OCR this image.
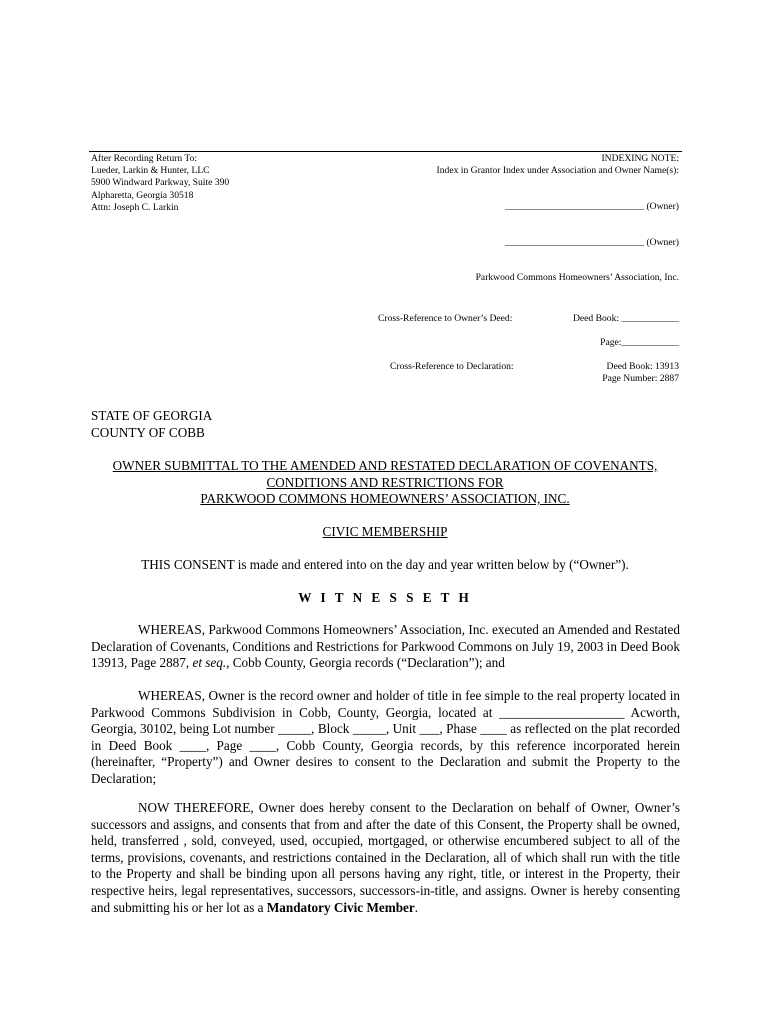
After Recording Return To:
Lueder, Larkin & Hunter, LLC
5900 Windward Parkway, Suite 390
Alpharetta, Georgia 30518
Attn: Joseph C. Larkin
INDEXING NOTE:
Index in Grantor Index under Association and Owner Name(s):
_____________________________ (Owner)
_____________________________ (Owner)
Parkwood Commons Homeowners’ Association, Inc.
Cross-Reference to Owner’s Deed:	Deed Book: ____________
Page:____________
Cross-Reference to Declaration:	Deed Book: 13913
Page Number: 2887
STATE OF GEORGIA
COUNTY OF COBB
OWNER SUBMITTAL TO THE AMENDED AND RESTATED DECLARATION OF COVENANTS,
CONDITIONS AND RESTRICTIONS FOR
PARKWOOD COMMONS HOMEOWNERS’ ASSOCIATION, INC.
CIVIC MEMBERSHIP
THIS CONSENT is made and entered into on the day and year written below by (“Owner”).
W I T N E S S E T H
WHEREAS, Parkwood Commons Homeowners’ Association, Inc. executed an Amended and Restated Declaration of Covenants, Conditions and Restrictions for Parkwood Commons on July 19, 2003 in Deed Book 13913, Page 2887, et seq., Cobb County, Georgia records (“Declaration”); and
WHEREAS, Owner is the record owner and holder of title in fee simple to the real property located in Parkwood Commons Subdivision in Cobb, County, Georgia, located at ___________________ Acworth, Georgia, 30102, being Lot number _____, Block _____, Unit ___, Phase ____ as reflected on the plat recorded in Deed Book ____, Page ____, Cobb County, Georgia records, by this reference incorporated herein (hereinafter, “Property”) and Owner desires to consent to the Declaration and submit the Property to the Declaration;
NOW THEREFORE, Owner does hereby consent to the Declaration on behalf of Owner, Owner’s successors and assigns, and consents that from and after the date of this Consent, the Property shall be owned, held, transferred , sold, conveyed, used, occupied, mortgaged, or otherwise encumbered subject to all of the terms, provisions, covenants, and restrictions contained in the Declaration, all of which shall run with the title to the Property and shall be binding upon all persons having any right, title, or interest in the Property, their respective heirs, legal representatives, successors, successors-in-title, and assigns. Owner is hereby consenting and submitting his or her lot as a Mandatory Civic Member.
